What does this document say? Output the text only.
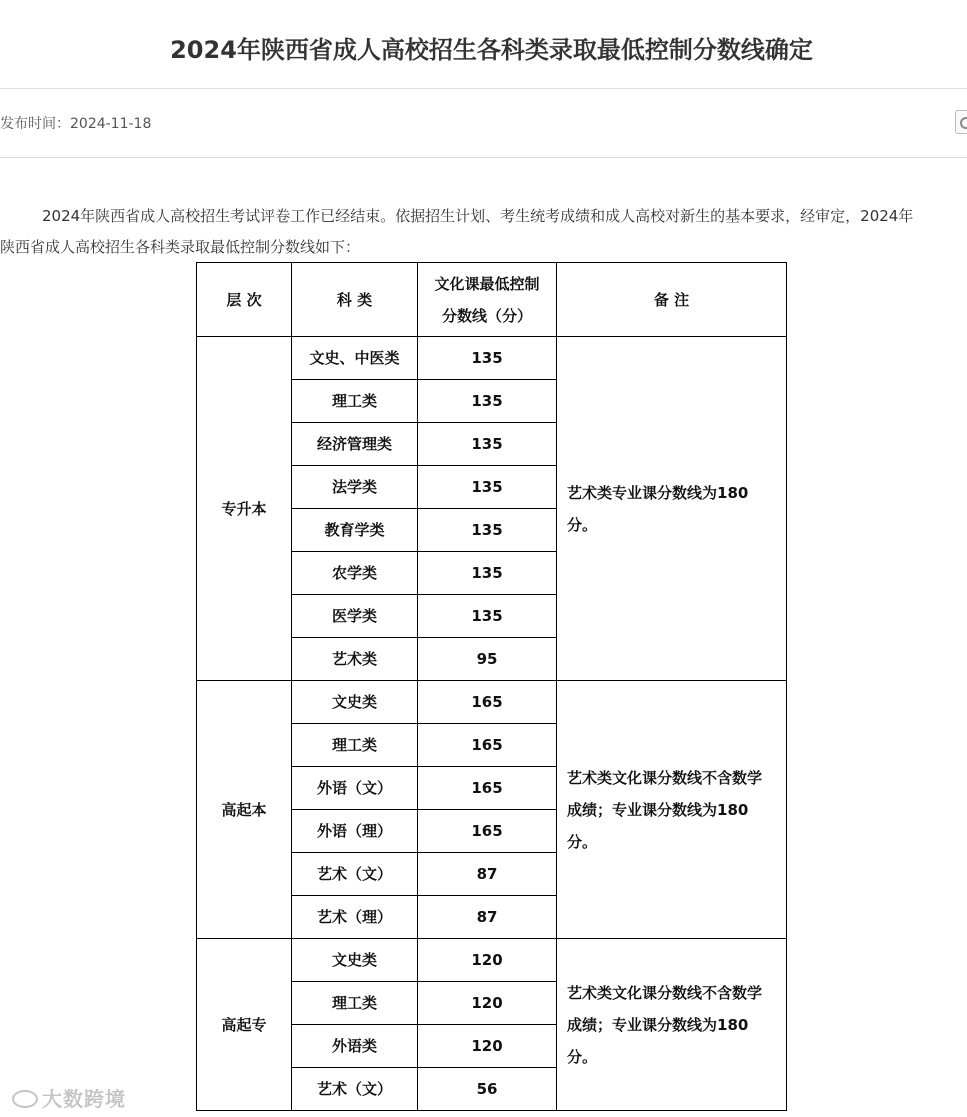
2024年陕西省成人高校招生各科类录取最低控制分数线确定
发布时间：2024-11-18

2024年陕西省成人高校招生考试评卷工作已经结束。依据招生计划、考生统考成绩和成人高校对新生的基本要求，经审定，2024年
陕西省成人高校招生各科类录取最低控制分数线如下：

层 次	科 类	文化课最低控制
分数线（分）	备 注
专升本	文史、中医类	135	艺术类专业课分数线为180
分。

	理工类	135	
	经济管理类	135	
	法学类	135	
	教育学类	135	
	农学类	135	
	医学类	135	
	艺术类	95	
高起本	文史类	165	艺术类文化课分数线不含数学
成绩；专业课分数线为180
分。

	理工类	165	
	外语（文）	165	
	外语（理）	165	
	艺术（文）	87	
	艺术（理）	87	
高起专	文史类	120	艺术类文化课分数线不含数学
成绩；专业课分数线为180
分。

	理工类	120	
	外语类	120	
	艺术（文）	56	
大数跨境
